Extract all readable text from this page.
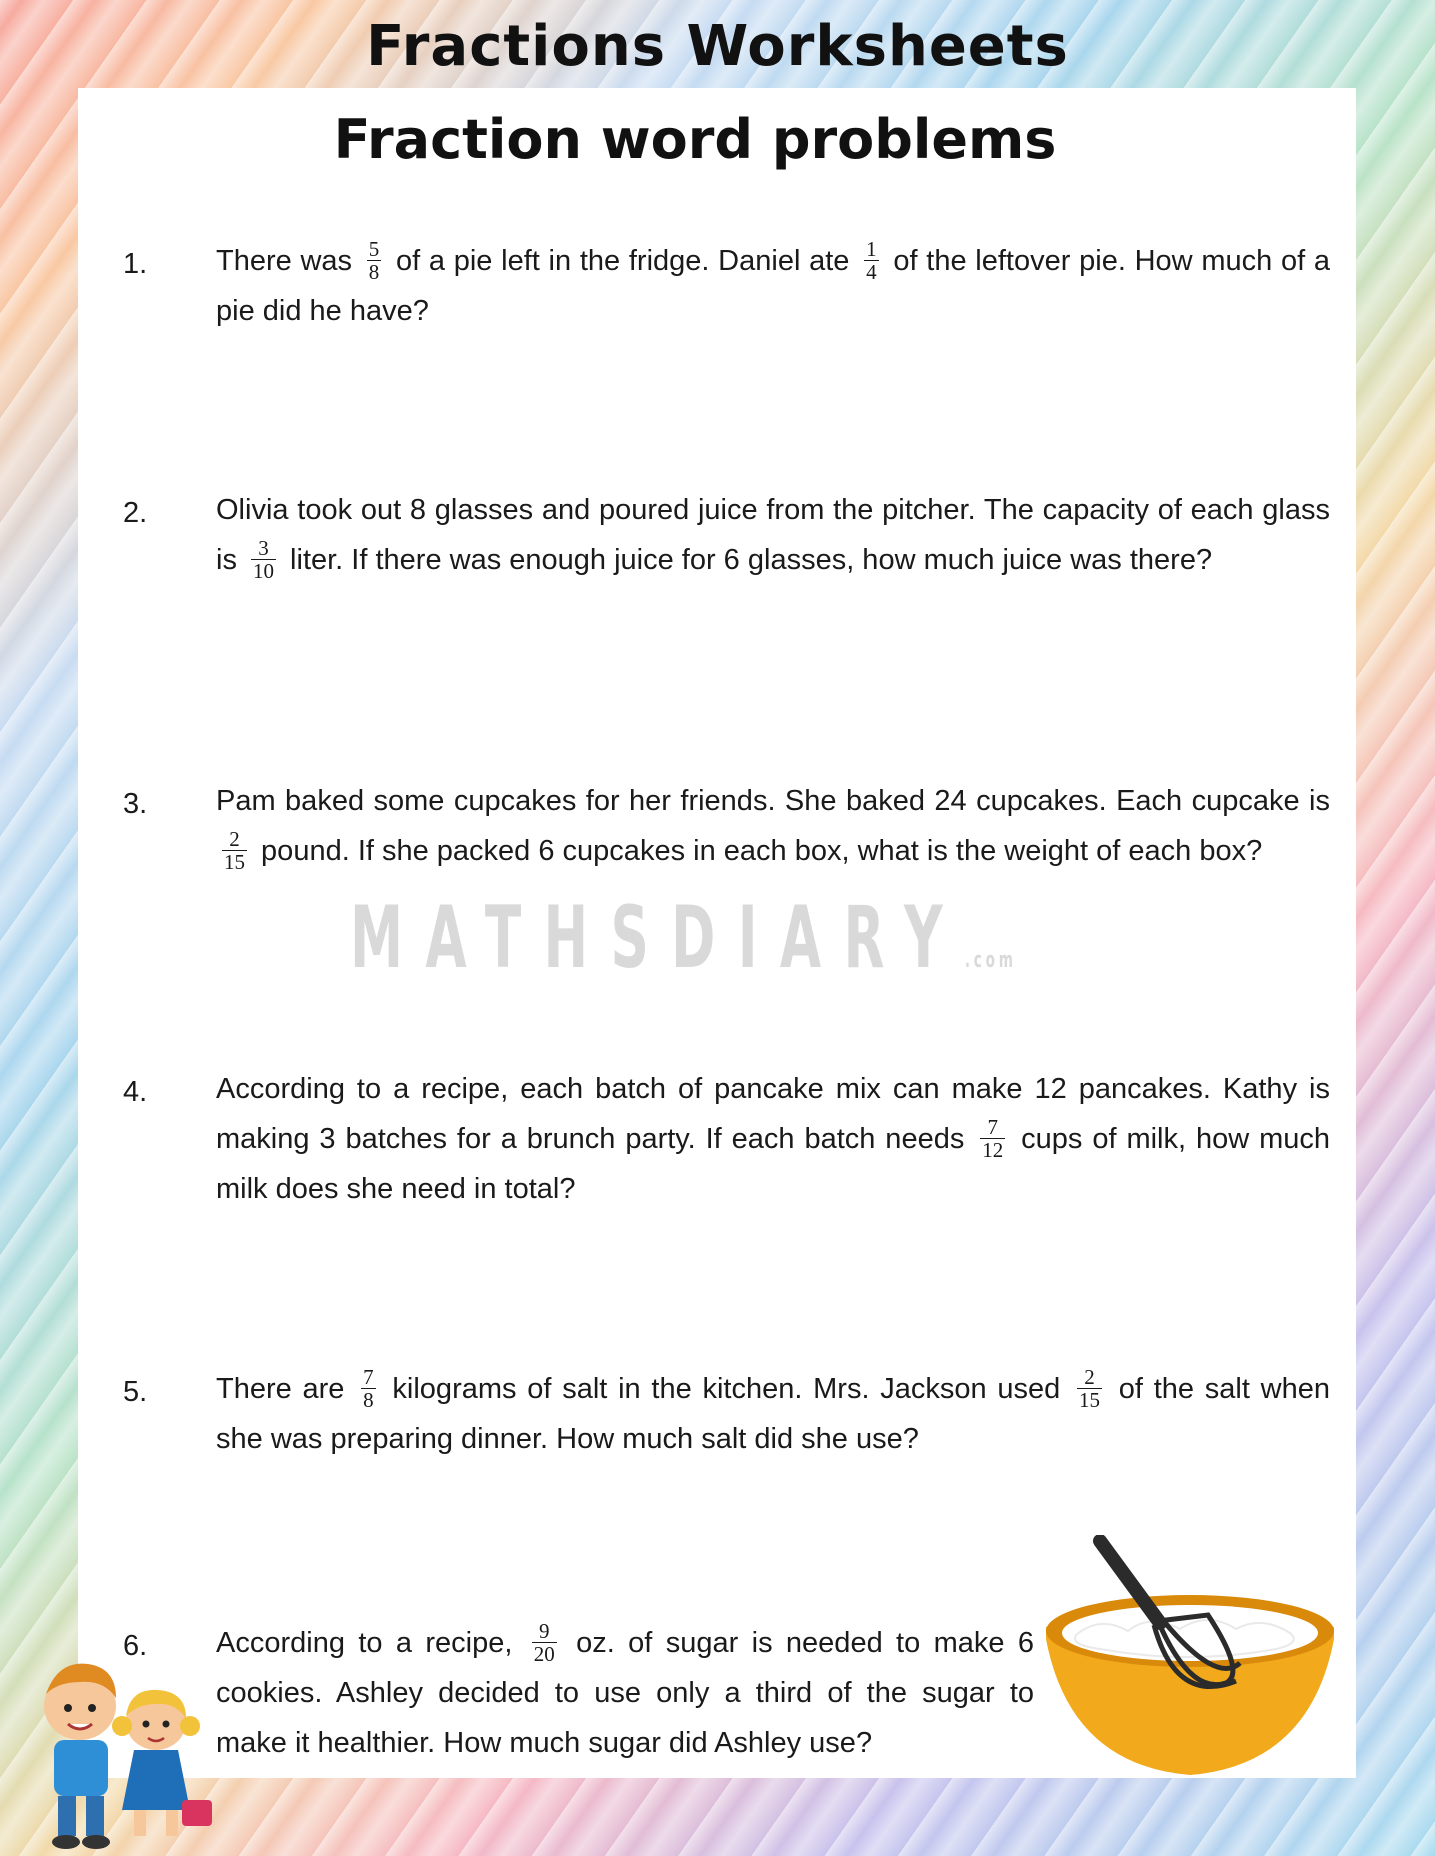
Fractions Worksheets
Fraction word problems
1. There was $\frac{5}{8}$ of a pie left in the fridge. Daniel ate $\frac{1}{4}$ of the leftover pie. How much of a pie did he have?
2. Olivia took out 8 glasses and poured juice from the pitcher. The capacity of each glass is $\frac{3}{10}$ liter. If there was enough juice for 6 glasses, how much juice was there?
3. Pam baked some cupcakes for her friends. She baked 24 cupcakes. Each cupcake is
$\frac{2}{15}$ pound. If she packed 6 cupcakes in each box, what is the weight of each box?
MATHSDIARY.com
4. According to a recipe, each batch of pancake mix can make 12 pancakes. Kathy is making 3 batches for a brunch party. If each batch needs $\frac{7}{12}$ cups of milk, how much milk does she need in total?
5. There are $\frac{7}{8}$ kilograms of salt in the kitchen. Mrs. Jackson used $\frac{2}{15}$ of the salt when she was preparing dinner. How much salt did she use?
6. According to a recipe, $\frac{9}{20}$ oz. of sugar is needed to make 6 cookies. Ashley decided to use only a third of the sugar to make it healthier. How much sugar did Ashley use?
